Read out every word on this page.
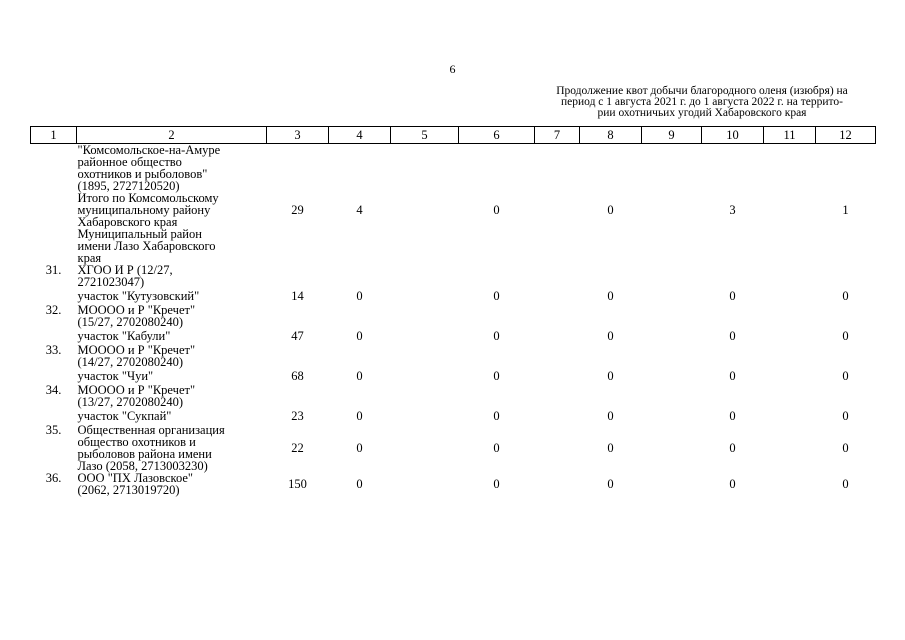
6
Продолжение квот добычи благородного оленя (изюбря) на
период с 1 августа 2021 г. до 1 августа 2022 г. на террито-
рии охотничьих угодий Хабаровского края
1	2	3	4	5	6	7	8	9	10	11	12

	"Комсомольское-на-Амуре
районное общество
охотников и рыболовов"
(1895, 2727120520)										

	Итого по Комсомольскому
муниципальному району
Хабаровского края	29	4		0		0		3		1

	Муниципальный район
имени Лазо Хабаровского
края										

31.	ХГОО И Р (12/27,
2721023047)										

	участок "Кутузовский"	14	0		0		0		0		0
32.	МОООО и Р "Кречет"
(15/27, 2702080240)										

	участок "Кабули"	47	0		0		0		0		0
33.	МОООО и Р "Кречет"
(14/27, 2702080240)										

	участок "Чуи"	68	0		0		0		0		0
34.	МОООО и Р "Кречет"
(13/27, 2702080240)										

	участок "Сукпай"	23	0		0		0		0		0
35.	Общественная организация
общество охотников и
рыболовов района имени
Лазо (2058, 2713003230)	22	0		0		0		0		0
36.	ООО "ПХ Лазовское"
(2062, 2713019720)	150	0		0		0		0		0
